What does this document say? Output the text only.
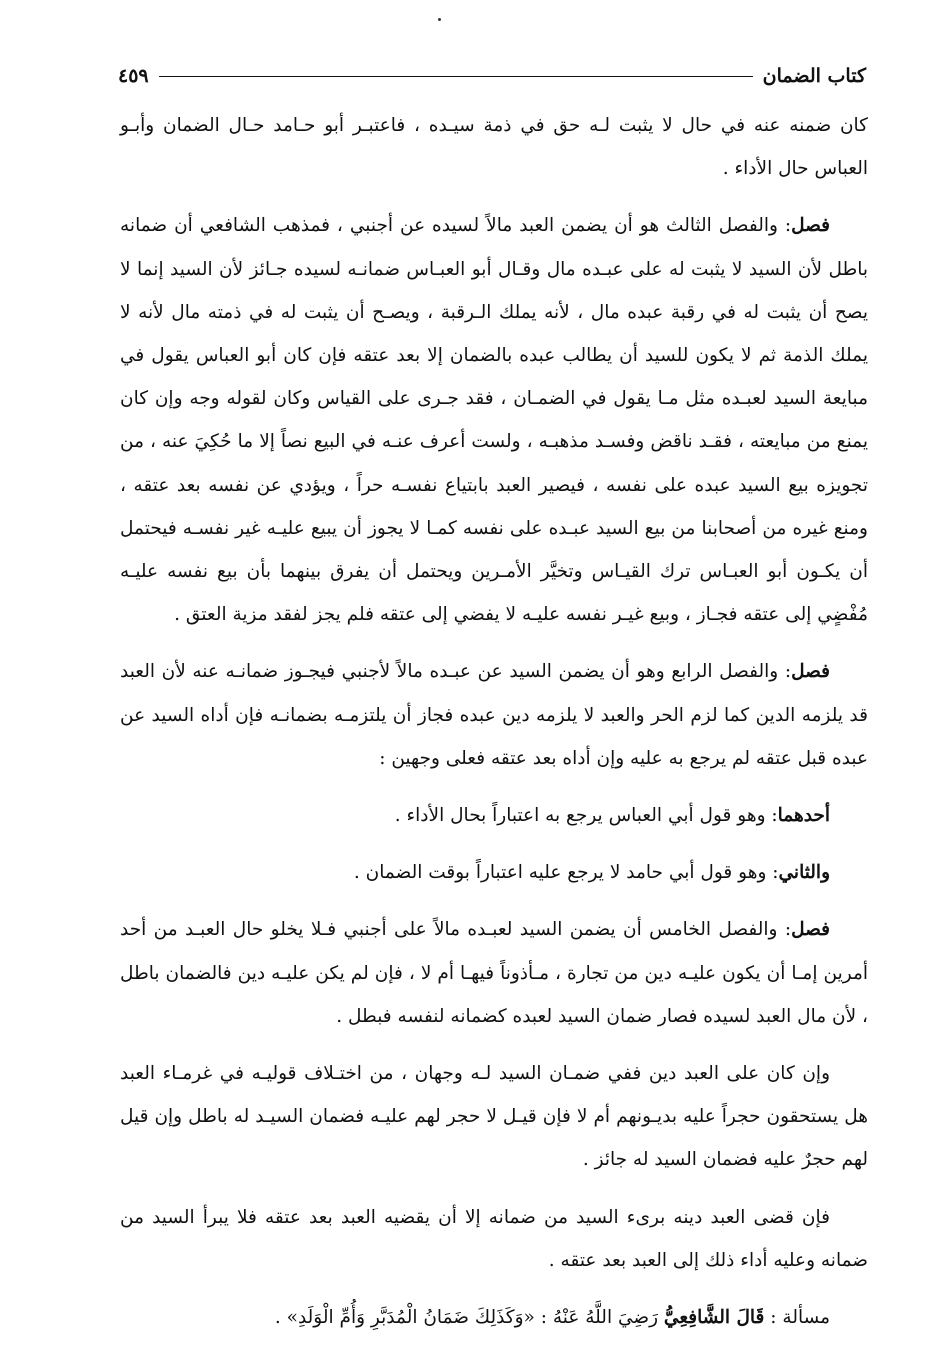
كتاب الضمان
٤٥٩

كان ضمنه عنه في حال لا يثبت لـه حق في ذمة سيـده ، فاعتبـر أبو حـامد حـال الضمان وأبـو العباس حال الأداء .

فصل: والفصل الثالث هو أن يضمن العبد مالاً لسيده عن أجنبي ، فمذهب الشافعي أن ضمانه باطل لأن السيد لا يثبت له على عبـده مال وقـال أبو العبـاس ضمانـه لسيده جـائز لأن السيد إنما لا يصح أن يثبت له في رقبة عبده مال ، لأنه يملك الـرقبة ، ويصـح أن يثبت له في ذمته مال لأنه لا يملك الذمة ثم لا يكون للسيد أن يطالب عبده بالضمان إلا بعد عتقه فإن كان أبو العباس يقول في مبايعة السيد لعبـده مثل مـا يقول في الضمـان ، فقد جـرى على القياس وكان لقوله وجه وإن كان يمنع من مبايعته ، فقـد ناقض وفسـد مذهبـه ، ولست أعرف عنـه في البيع نصاً إلا ما حُكِيَ عنه ، من تجويزه بيع السيد عبده على نفسه ، فيصير العبد بابتياع نفسـه حراً ، ويؤدي عن نفسه بعد عتقه ، ومنع غيره من أصحابنا من بيع السيد عبـده على نفسه كمـا لا يجوز أن يبيع عليـه غير نفسـه فيحتمل أن يكـون أبو العبـاس ترك القيـاس وتخيَّر الأمـرين ويحتمل أن يفرق بينهما بأن بيع نفسه عليـه مُفْضٍي إلى عتقه فجـاز ، وبيع غيـر نفسه عليـه لا يفضي إلى عتقه فلم يجز لفقد مزية العتق .

فصل: والفصل الرابع وهو أن يضمن السيد عن عبـده مالاً لأجنبي فيجـوز ضمانـه عنه لأن العبد قد يلزمه الدين كما لزم الحر والعبد لا يلزمه دين عبده فجاز أن يلتزمـه بضمانـه فإن أداه السيد عن عبده قبل عتقه لم يرجع به عليه وإن أداه بعد عتقه فعلى وجهين :

أحدهما: وهو قول أبي العباس يرجع به اعتباراً بحال الأداء .

والثاني: وهو قول أبي حامد لا يرجع عليه اعتباراً بوقت الضمان .

فصل: والفصل الخامس أن يضمن السيد لعبـده مالاً على أجنبي فـلا يخلو حال العبـد من أحد أمرين إمـا أن يكون عليـه دين من تجارة ، مـأذوناً فيهـا أم لا ، فإن لم يكن عليـه دين فالضمان باطل ، لأن مال العبد لسيده فصار ضمان السيد لعبده كضمانه لنفسه فبطل .

وإن كان على العبد دين ففي ضمـان السيد لـه وجهان ، من اختـلاف قوليـه في غرمـاء العبد هل يستحقون حجراً عليه بديـونهم أم لا فإن قيـل لا حجر لهم عليـه فضمان السيـد له باطل وإن قيل لهم حجرٌ عليه فضمان السيد له جائز .

فإن قضى العبد دينه برىء السيد من ضمانه إلا أن يقضيه العبد بعد عتقه فلا يبرأ السيد من ضمانه وعليه أداء ذلك إلى العبد بعد عتقه .

مسألة : قَالَ الشَّافِعِيُّ رَضِيَ اللَّهُ عَنْهُ : «وَكَذَلِكَ ضَمَانُ الْمُدَبَّرِ وَأُمِّ الْوَلَدِ» .
